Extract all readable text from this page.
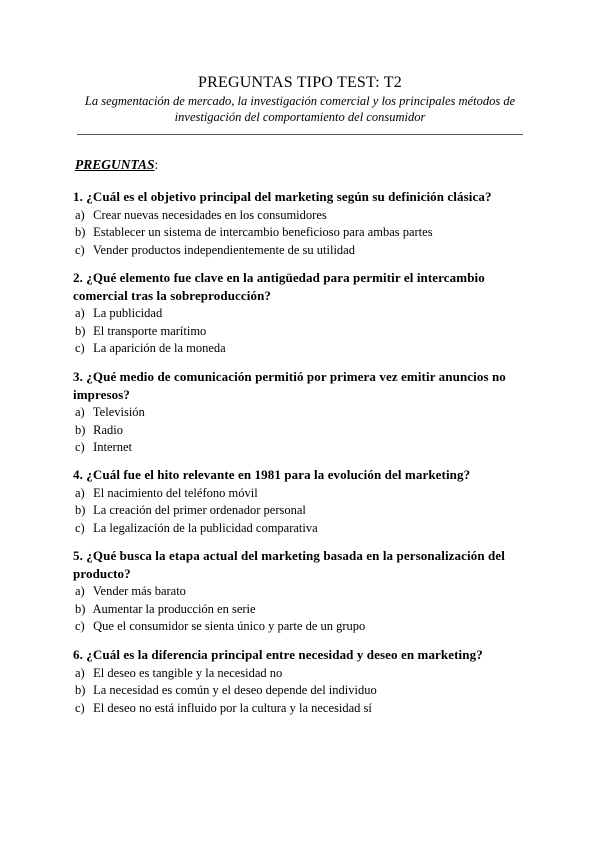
PREGUNTAS TIPO TEST: T2
La segmentación de mercado, la investigación comercial y los principales métodos de investigación del comportamiento del consumidor
PREGUNTAS:
1. ¿Cuál es el objetivo principal del marketing según su definición clásica?
a) Crear nuevas necesidades en los consumidores
b) Establecer un sistema de intercambio beneficioso para ambas partes
c) Vender productos independientemente de su utilidad
2. ¿Qué elemento fue clave en la antigüedad para permitir el intercambio comercial tras la sobreproducción?
a) La publicidad
b) El transporte marítimo
c) La aparición de la moneda
3. ¿Qué medio de comunicación permitió por primera vez emitir anuncios no impresos?
a) Televisión
b) Radio
c) Internet
4. ¿Cuál fue el hito relevante en 1981 para la evolución del marketing?
a) El nacimiento del teléfono móvil
b) La creación del primer ordenador personal
c) La legalización de la publicidad comparativa
5. ¿Qué busca la etapa actual del marketing basada en la personalización del producto?
a) Vender más barato
b) Aumentar la producción en serie
c) Que el consumidor se sienta único y parte de un grupo
6. ¿Cuál es la diferencia principal entre necesidad y deseo en marketing?
a) El deseo es tangible y la necesidad no
b) La necesidad es común y el deseo depende del individuo
c) El deseo no está influido por la cultura y la necesidad sí
